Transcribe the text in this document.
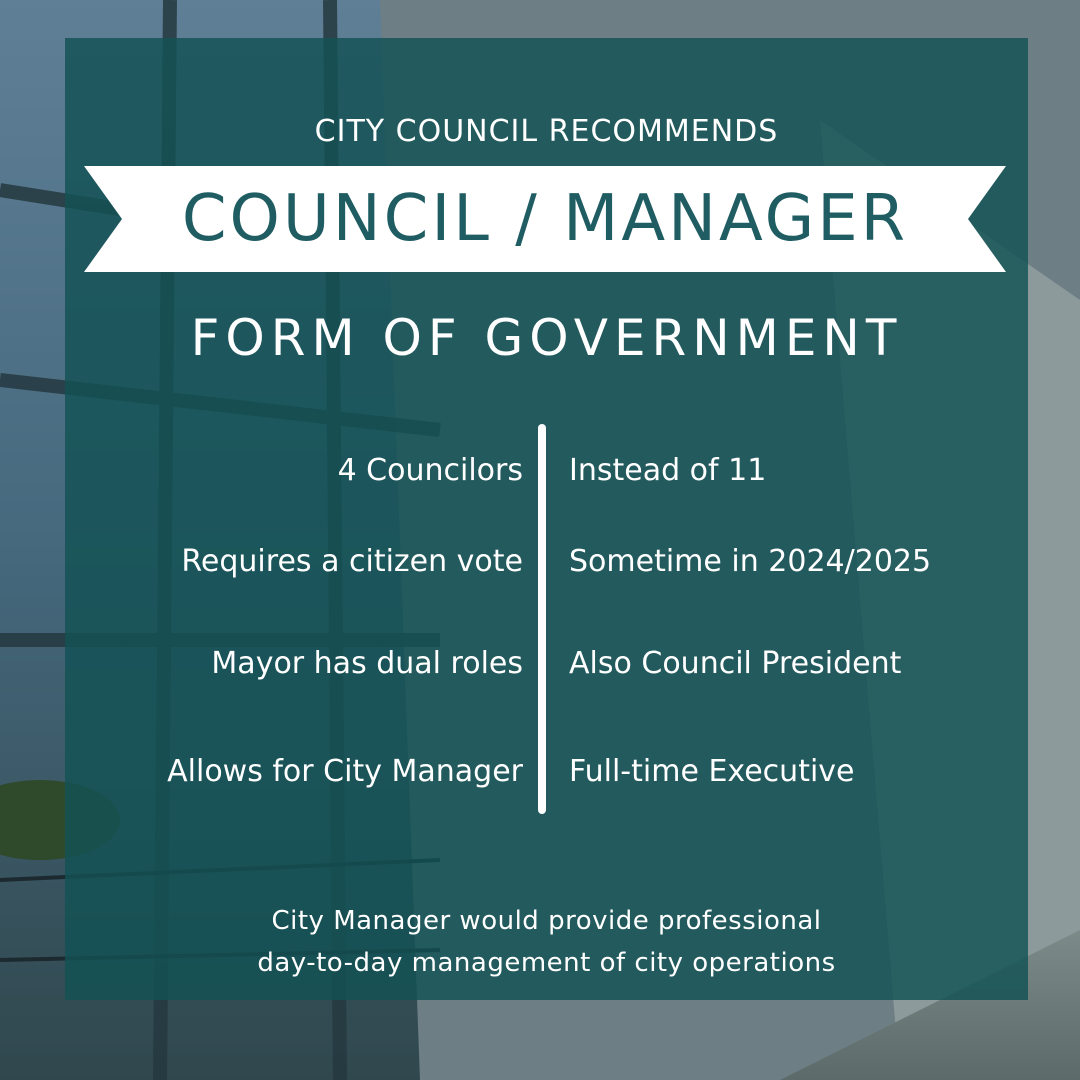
CITY COUNCIL RECOMMENDS
COUNCIL / MANAGER
FORM OF GOVERNMENT
4 Councilors Instead of 11
Requires a citizen vote Sometime in 2024/2025
Mayor has dual roles Also Council President
Allows for City Manager Full-time Executive
City Manager would provide professional
day-to-day management of city operations
